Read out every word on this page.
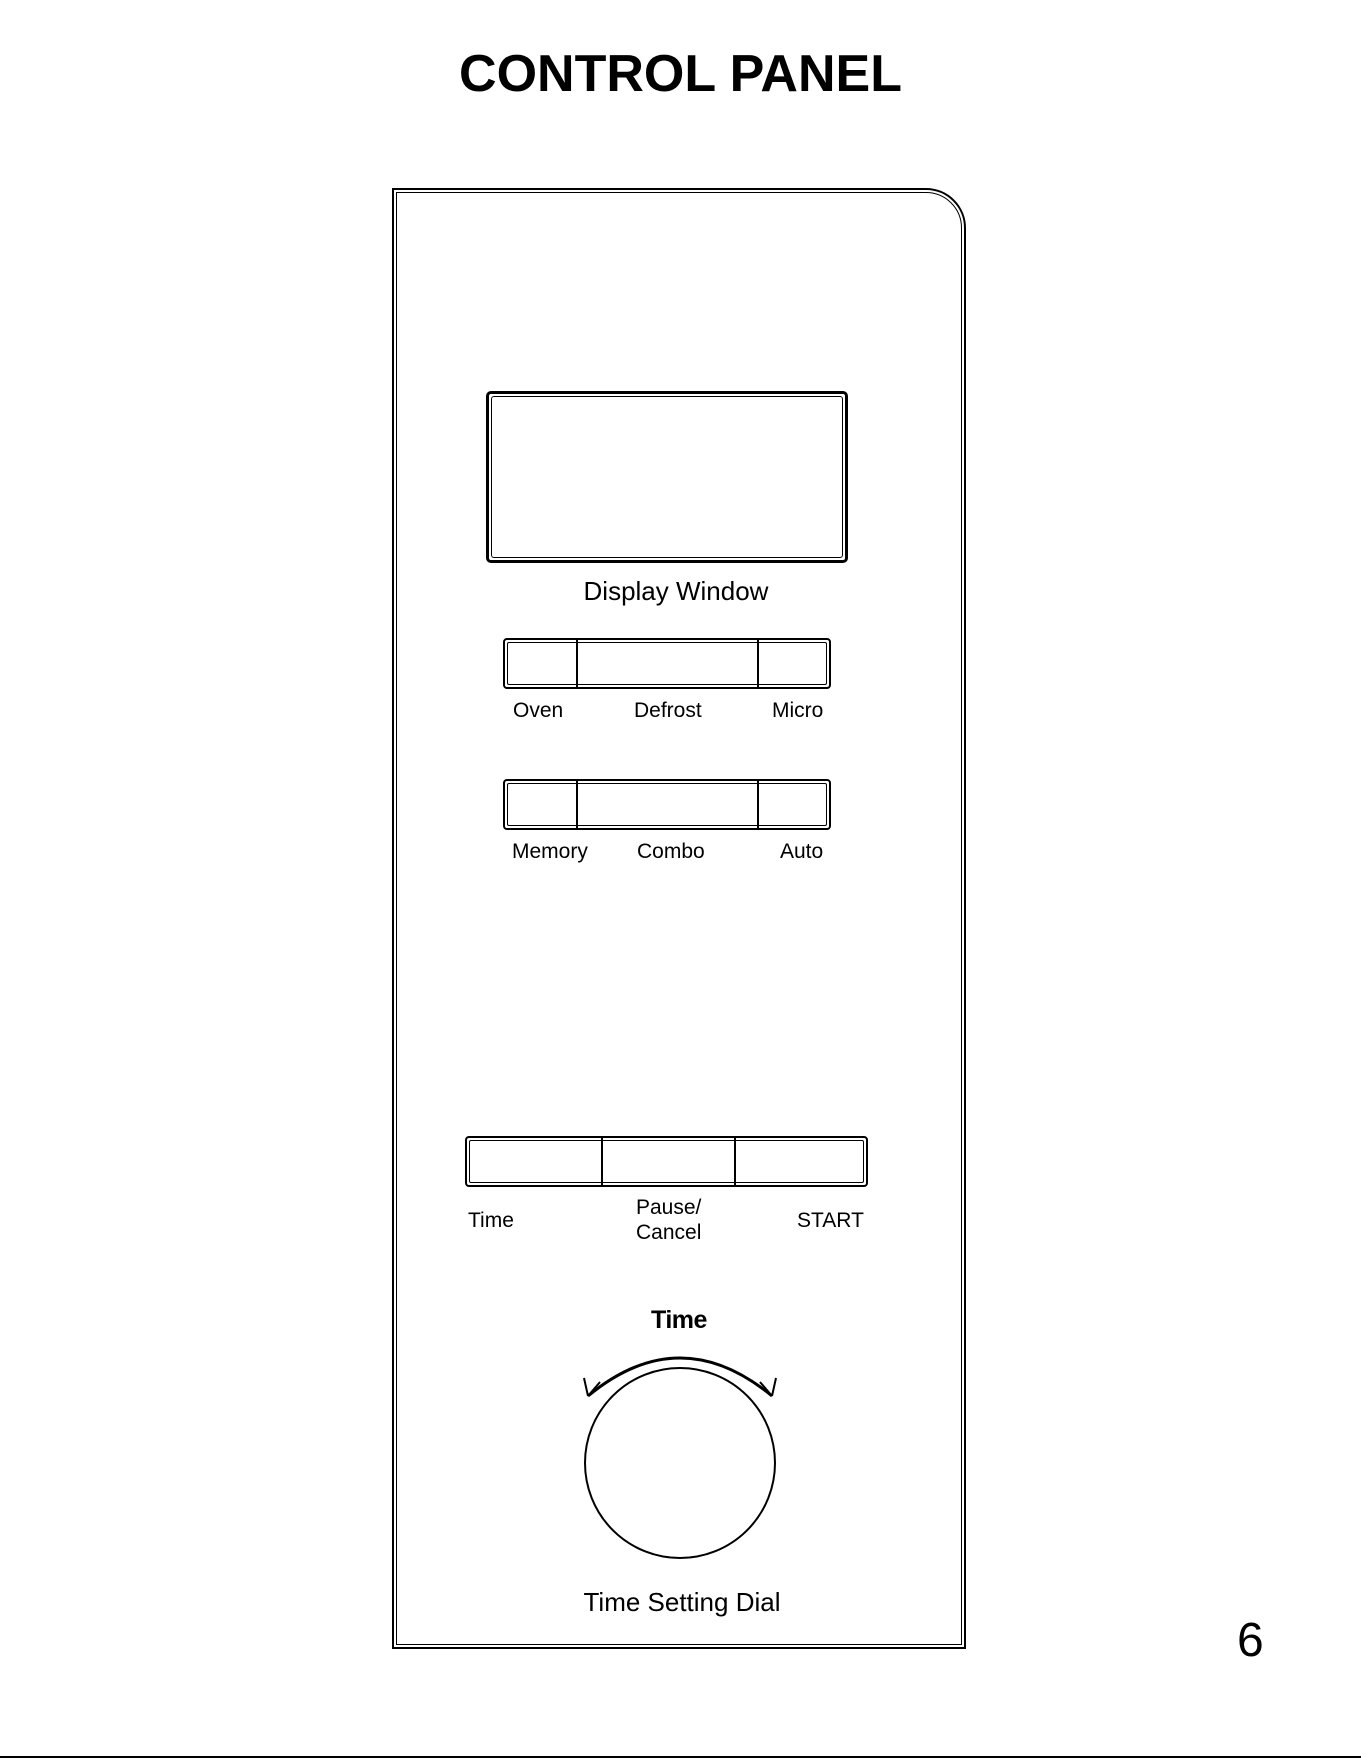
CONTROL PANEL
Display Window
Oven	Defrost	Micro
Memory Combo	Auto
Time
Pause/
Cancel
START
Time
Time Setting Dial
6
